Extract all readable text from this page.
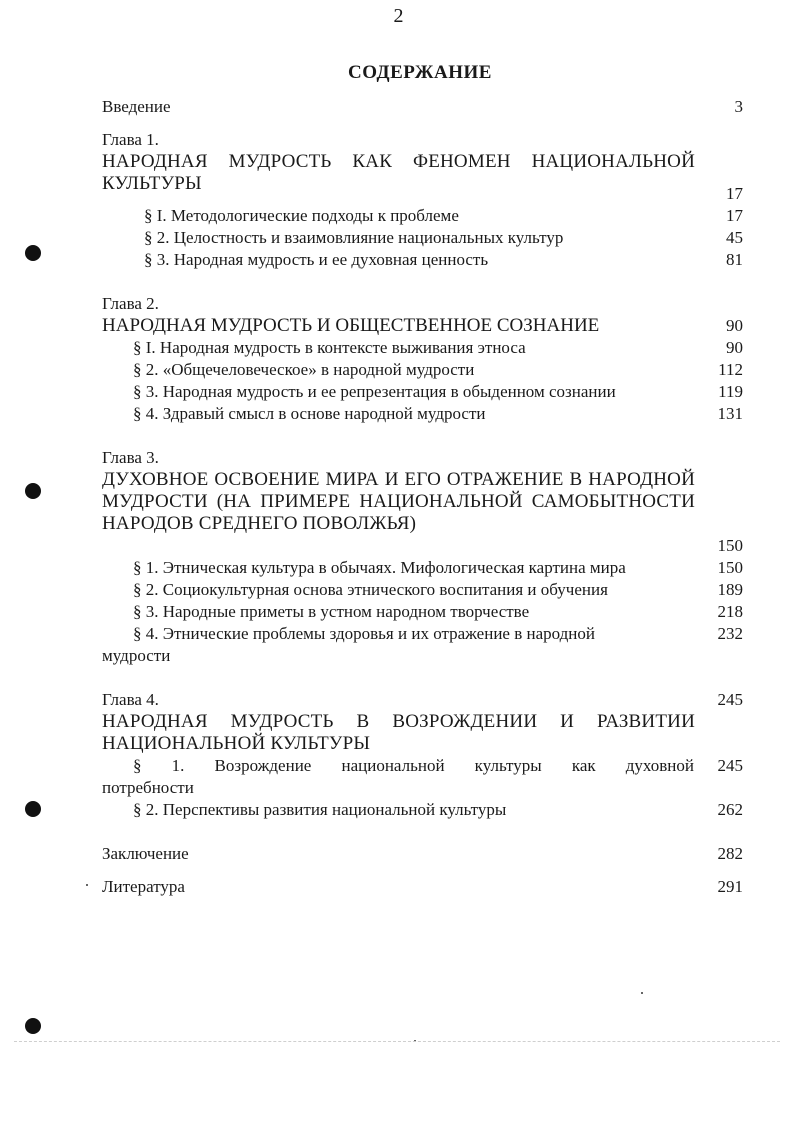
2
СОДЕРЖАНИЕ
Введение	3
Глава 1.
НАРОДНАЯ МУДРОСТЬ КАК ФЕНОМЕН НАЦИОНАЛЬНОЙ
КУЛЬТУРЫ	17
§ I. Методологические подходы к проблеме	17
§ 2. Целостность и взаимовлияние национальных культур	45
§ 3. Народная мудрость и ее духовная ценность	81
Глава 2.
НАРОДНАЯ МУДРОСТЬ И ОБЩЕСТВЕННОЕ СОЗНАНИЕ	90
§ I. Народная мудрость в контексте выживания этноса	90
§ 2. «Общечеловеческое» в народной мудрости	112
§ 3. Народная мудрость и ее репрезентация в обыденном сознании	119
§ 4. Здравый смысл в основе народной мудрости	131
Глава 3.
ДУХОВНОЕ ОСВОЕНИЕ МИРА И ЕГО ОТРАЖЕНИЕ В НАРОДНОЙ
МУДРОСТИ (НА ПРИМЕРЕ НАЦИОНАЛЬНОЙ САМОБЫТНОСТИ
НАРОДОВ СРЕДНЕГО ПОВОЛЖЬЯ)
150
§ 1. Этническая культура в обычаях. Мифологическая картина мира	150
§ 2. Социокультурная основа этнического воспитания и обучения	189
§ 3. Народные приметы в устном народном творчестве	218
§ 4. Этнические проблемы здоровья и их отражение в народной	232
мудрости
Глава 4.	245
НАРОДНАЯ МУДРОСТЬ В ВОЗРОЖДЕНИИ И РАЗВИТИИ
НАЦИОНАЛЬНОЙ КУЛЬТУРЫ
§ 1. Возрождение национальной культуры как духовной	245
потребности
§ 2. Перспективы развития национальной культуры	262
Заключение	282
Литература	291
